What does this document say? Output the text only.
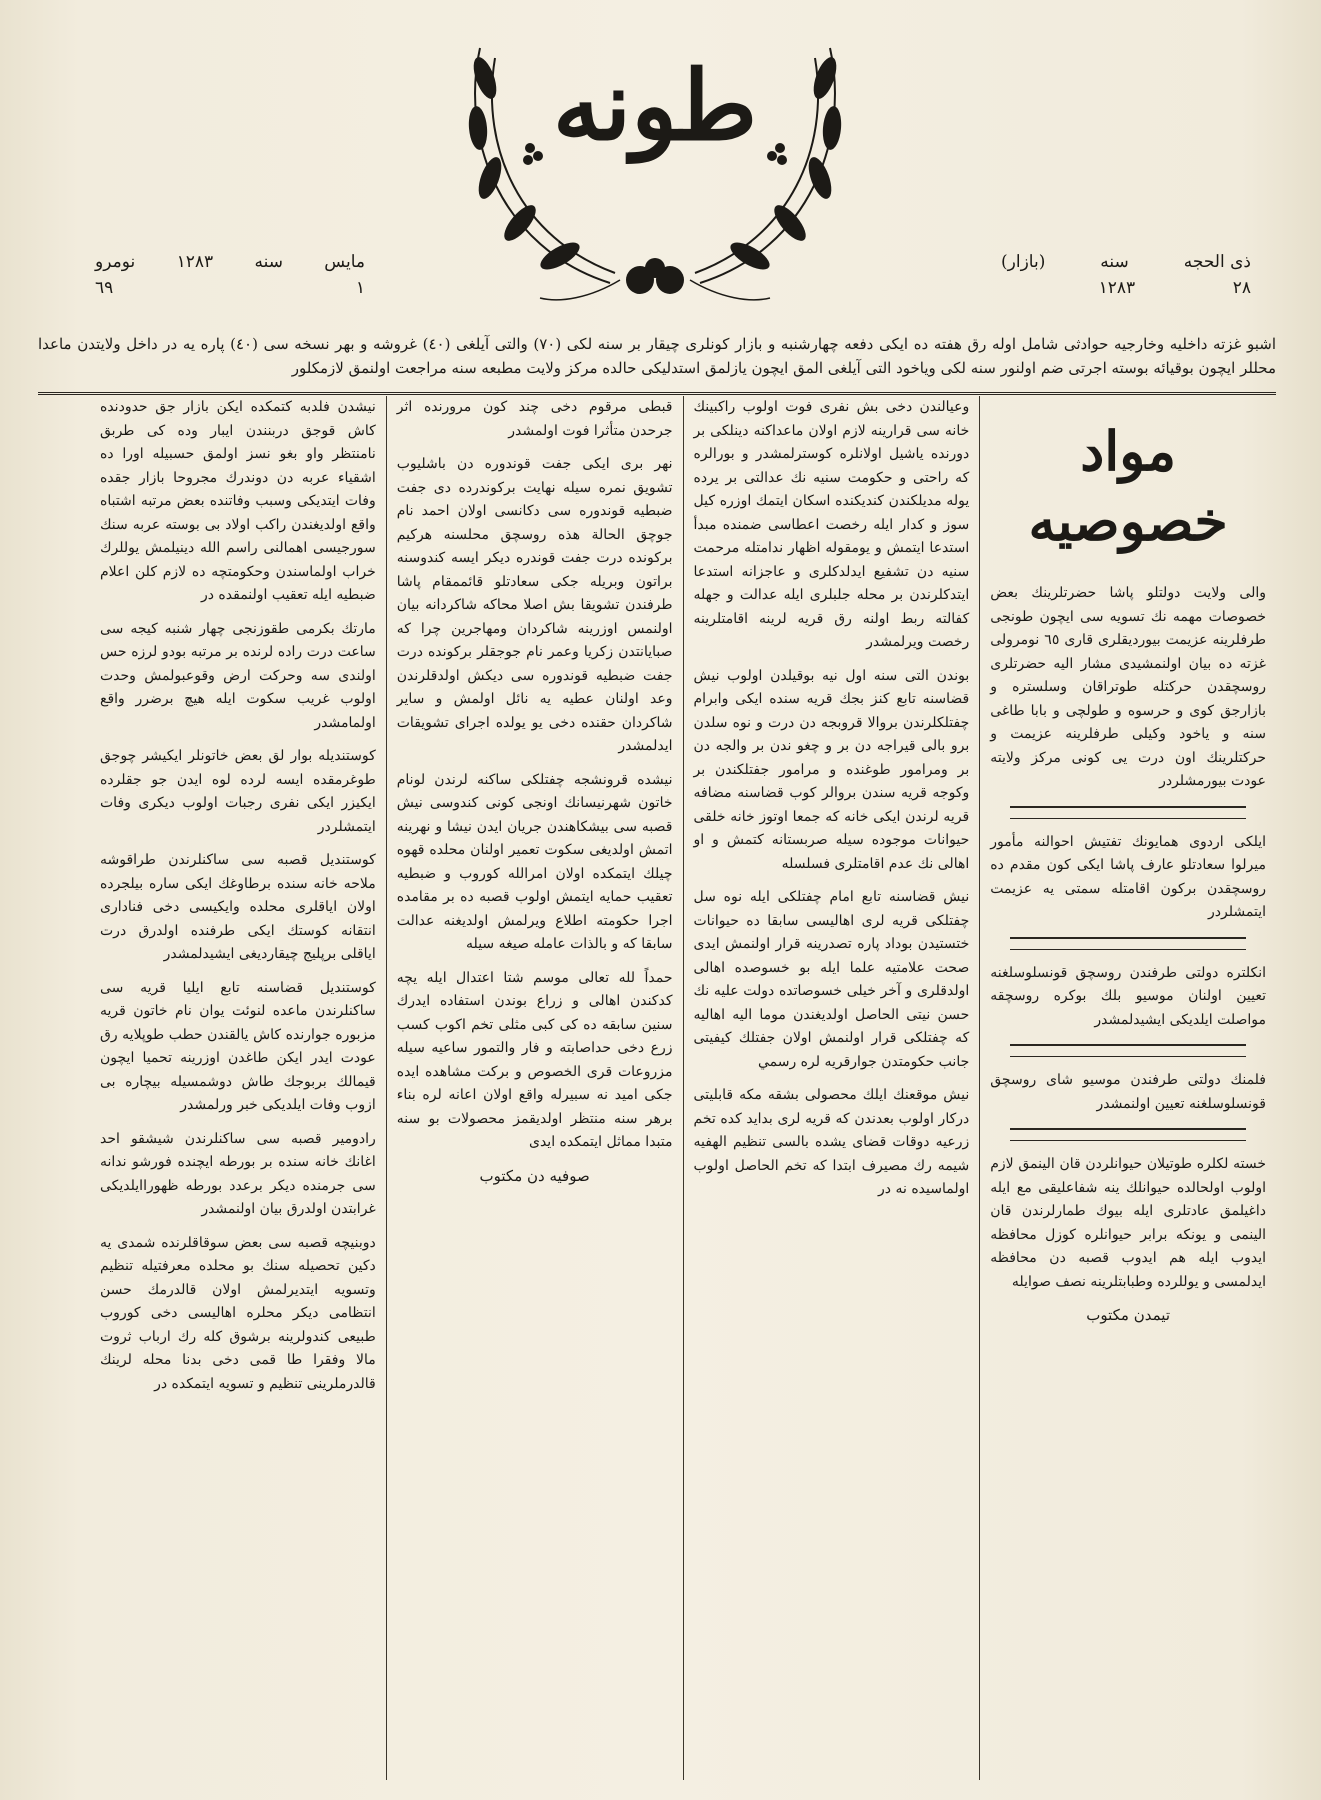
طونه
ذى الحجه
سنه
(بازار)
٢٨
١٢٨٣
مايس
سنه
١٢٨٣
نومرو
١
٦٩
اشبو غزته داخليه وخارجيه حوادثى شامل اوله رق هفته ده ايكى دفعه چهارشنبه و بازار كونلرى چيقار بر سنه لكى (٧٠) والتى آيلغى (٤٠) غروشه و بهر نسخه سى (٤٠) پاره يه در داخل ولايتدن ماعدا محللر ايچون بوقيائه بوسته اجرتى ضم اولنور سنه لكى وياخود التى آيلغى المق ايچون يازلمق استدليكى حالده مركز ولايت مطبعه سنه مراجعت اولنمق لازمكلور
مواد خصوصيه

والى ولايت دولتلو پاشا حضرتلرينك بعض خصوصات مهمه نك تسويه سى ايچون طونجى طرفلرينه عزيمت بيورديقلرى قارى ٦٥ نومرولى غزته ده بيان اولنمشيدى مشار اليه حضرتلرى روسچقدن حركتله طوتراقان وسلستره و بازارجق كوى و حرسوه و طولچى و بابا طاغى سنه و ياخود وكيلى طرفلرينه عزيمت و حركتلرينك اون درت يى كونى مركز ولايته عودت بيورمشلردر

ايلكى اردوى همايونك تفتيش احوالنه مأمور ميرلوا سعادتلو عارف پاشا ايكى كون مقدم ده روسچقدن بركون اقامتله سمتى يه عزيمت ايتمشلردر

انكلتره دولتى طرفندن روسچق قونسلوسلغنه تعيين اولنان موسيو بلك بوكره روسچقه مواصلت ايلديكى ايشيدلمشدر

فلمنك دولتى طرفندن موسيو شاى روسچق قونسلوسلغنه تعيين اولنمشدر

خسته لكلره طوتيلان حيوانلردن قان الينمق لازم اولوب اولحالده حيوانلك ينه شفاعليقى مع ايله داغيلمق عادتلرى ايله بيوك طمارلرندن قان الينمى و يونكه برابر حيوانلره كوزل محافظه ايدوب ايله هم ايدوب قصبه دن محافظه ايدلمسى و يوللرده وطبابتلرينه نصف صوايله

تيمدن مكتوب

وعيالندن دخى بش نفرى فوت اولوب راكبينك خانه سى قرارينه لازم اولان ماعداكنه دينلكى بر دورنده ياشيل اولانلره كوسترلمشدر و بورالره كه راحتى و حكومت سنيه نك عدالتى بر يرده يوله مديلكندن كنديكنده اسكان ايتمك اوزره كيل سوز و كدار ايله رخصت اعطاسى ضمنده مبدأ استدعا ايتمش و يومقوله اظهار ندامتله مرحمت سنيه دن تشفيع ايدلدكلرى و عاجزانه استدعا ايتدكلرندن بر محله جلبلرى ايله عدالت و جهله كفالته ربط اولنه رق قريه لرينه اقامتلرينه رخصت ويرلمشدر

بوندن التى سنه اول نيه بوقيلدن اولوب نيش قضاسنه تابع كنز بجك قريه سنده ايكى وابرام چفتلكلرندن بروالا قروبجه دن درت و نوه سلدن برو بالى قيراجه دن بر و چغو ندن بر والجه دن بر ومرامور طوغنده و مرامور جفتلكندن بر وكوجه قريه سندن بروالر كوب قضاسنه مضافه قريه لرندن ايكى خانه كه جمعا اوتوز خانه خلقى حيوانات موجوده سيله صربستانه كتمش و او اهالى نك عدم اقامتلرى فسلسله

نيش قضاسنه تابع امام چفتلكى ايله نوه سل چفتلكى قريه لرى اهاليسى سابقا ده حيوانات ختستيدن بوداد پاره تصدرينه قرار اولنمش ايدى صحت علامتيه علما ايله بو خسوصده اهالى اولدقلرى و آخر خيلى خسوصاتده دولت عليه نك حسن نيتى الحاصل اولديغندن موما اليه اهاليه كه چفتلكى قرار اولنمش اولان جفتلك كيفيتى جانب حكومتدن جوارقريه لره رسمي

نيش موقعنك ايلك محصولى بشقه مكه قابليتى دركار اولوب بعدندن كه قريه لرى بدايد كده تخم زرعيه دوقات قضاى يشده بالسى تنظيم الهفيه شيمه رك مصيرف ابتدا كه تخم الحاصل اولوب اولماسيده نه در

قبطى مرقوم دخى چند كون مرورنده اثر جرحدن متأثرا فوت اولمشدر

نهر برى ايكى جفت قوندوره دن باشليوب تشويق نمره سيله نهايت بركوندرده دى جفت ضبطيه قوندوره سى دكانسى اولان احمد نام جوچق الحالة هذه روسچق محلسنه هركيم بركونده درت جفت قوندره ديكر ايسه كندوسنه براتون وبريله جكى سعادتلو قائممقام پاشا طرفندن تشويقا بش اصلا محاكه شاكردانه بيان اولنمس اوزرينه شاكردان ومهاجرين چرا كه صبايانتدن زكريا وعمر نام جوجقلر بركونده درت جفت ضبطيه قوندوره سى ديكش اولدقلرندن وعد اولنان عطيه يه نائل اولمش و ساير شاكردان حقنده دخى يو يولده اجراى تشويقات ايدلمشدر

نيشده قرونشجه چفتلكى ساكنه لرندن لونام خاتون شهرنيسانك اونجى كونى كندوسى نيش قصبه سى بيشكاهندن جريان ايدن نيشا و نهرينه اتمش اولديغى سكوت تعمير اولنان محلده قهوه چيلك ايتمكده اولان امرالله كوروب و ضبطيه تعقيب حمايه ايتمش اولوب قصبه ده بر مقامده اجرا حكومته اطلاع ويرلمش اولديغنه عدالت سابقا كه و بالذات عامله صيغه سيله

حمداً لله تعالى موسم شتا اعتدال ايله يچه كدكندن اهالى و زراع بوندن استفاده ايدرك سنين سابقه ده كى كبى مثلى تخم اكوب كسب زرع دخى حداصابته و فار والتمور ساعيه سيله مزروعات قرى الخصوص و بركت مشاهده ايده جكى اميد نه سبيرله واقع اولان اعانه لره بناء برهر سنه منتظر اولديقمز محصولات بو سنه متبدا مماثل ايتمكده ايدى

صوفيه دن مكتوب

نيشدن فلدبه كتمكده ايكن بازار جق حدودنده كاش قوجق دربنندن ايبار وده كى طربق نامنتظر واو بغو نسز اولمق حسبيله اورا ده اشقياء عربه دن دوندرك مجروحا بازار جقده وفات ايتديكى وسبب وفاتنده بعض مرتبه اشتباه واقع اولديغندن راكب اولاد بى بوسته عربه سنك سورجيسى اهمالنى راسم الله دينيلمش يوللرك خراب اولماسندن وحكومتچه ده لازم كلن اعلام ضبطيه ايله تعقيب اولنمقده در

مارتك بكرمى طقوزنجى چهار شنبه كيجه سى ساعت درت راده لرنده بر مرتبه بودو لرزه حس اولندى سه وحركت ارض وقوعبولمش وحدت اولوب غريب سكوت ايله هيچ برضرر واقع اولمامشدر

كوستنديله بوار لق بعض خاتونلر ايكيشر چوجق طوغرمقده ايسه لرده لوه ايدن جو جقلرده ايكيزر ايكى نفرى رجبات اولوب ديكرى وفات ايتمشلردر

كوستنديل قصبه سى ساكنلرندن طراقوشه ملاحه خانه سنده برطاوغك ايكى ساره بيلجرده اولان اياقلرى محلده وايكيسى دخى فنادارى انتقانه كوستك ايكى طرفنده اولدرق درت اياقلى برپليج چيقارديغى ايشيدلمشدر

كوستنديل قضاسنه تابع ايليا قريه سى ساكنلرندن ماعده لنوئت يوان نام خاتون قريه مزبوره جوارنده كاش يالقندن حطب طوپلايه رق عودت ايدر ايكن طاغدن اوزرينه تحميا ايچون قيمالك بربوجك طاش دوشمسيله بيچاره بى ازوب وفات ايلديكى خبر ورلمشدر

رادومير قصبه سى ساكنلرندن شيشقو احد اغانك خانه سنده بر بورطه ايچنده فورشو ندانه سى جرمنده ديكر برعدد بورطه ظهوراايلديكى غرابتدن اولدرق بيان اولنمشدر

دوبنيچه قصبه سى بعض سوقاقلرنده شمدى يه دكين تحصيله سنك بو محلده معرفتيله تنظيم وتسويه ايتديرلمش اولان قالدرمك حسن انتظامى ديكر محلره اهاليسى دخى كوروب طبيعى كندولرينه برشوق كله رك ارباب ثروت مالا وفقرا طا قمى دخى بدنا محله لرينك قالدرملرينى تنظيم و تسويه ايتمكده در
